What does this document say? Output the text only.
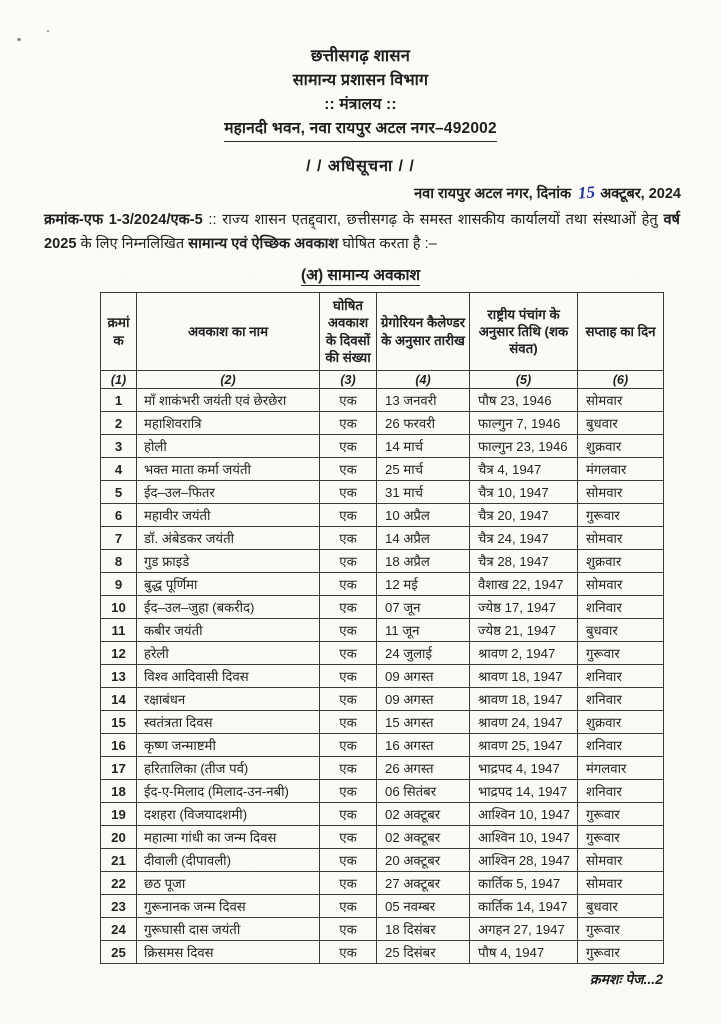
छत्तीसगढ़ शासन
सामान्य प्रशासन विभाग
:: मंत्रालय ::
महानदी भवन, नवा रायपुर अटल नगर–492002
/ / अधिसूचना / /
नवा रायपुर अटल नगर, दिनांक 15 अक्टूबर, 2024
क्रमांक-एफ 1-3/2024/एक-5 :: राज्य शासन एतद्द्वारा, छत्तीसगढ़ के समस्त शासकीय कार्यालयों तथा संस्थाओं हेतु वर्ष 2025 के लिए निम्नलिखित सामान्य एवं ऐच्छिक अवकाश घोषित करता है :–
(अ) सामान्य अवकाश
क्रमांक	अवकाश का नाम	घोषित अवकाश के दिवसों की संख्या	ग्रेगोरियन कैलेण्डर के अनुसार तारीख	राष्ट्रीय पंचांग के अनुसार तिथि (शक संवत)	सप्ताह का दिन
(1)	(2)	(3)	(4)	(5)	(6)
1	माँ शाकंभरी जयंती एवं छेरछेरा	एक	13 जनवरी	पौष 23, 1946	सोमवार
2	महाशिवरात्रि	एक	26 फरवरी	फाल्गुन 7, 1946	बुधवार
3	होली	एक	14 मार्च	फाल्गुन 23, 1946	शुक्रवार
4	भक्त माता कर्मा जयंती	एक	25 मार्च	चैत्र 4, 1947	मंगलवार
5	ईद–उल–फितर	एक	31 मार्च	चैत्र 10, 1947	सोमवार
6	महावीर जयंती	एक	10 अप्रैल	चैत्र 20, 1947	गुरूवार
7	डॉ. अंबेडकर जयंती	एक	14 अप्रैल	चैत्र 24, 1947	सोमवार
8	गुड फ्राइडे	एक	18 अप्रैल	चैत्र 28, 1947	शुक्रवार
9	बुद्ध पूर्णिमा	एक	12 मई	वैशाख 22, 1947	सोमवार
10	ईद–उल–जुहा (बकरीद)	एक	07 जून	ज्येष्ठ 17, 1947	शनिवार
11	कबीर जयंती	एक	11 जून	ज्येष्ठ 21, 1947	बुधवार
12	हरेली	एक	24 जुलाई	श्रावण 2, 1947	गुरूवार
13	विश्व आदिवासी दिवस	एक	09 अगस्त	श्रावण 18, 1947	शनिवार
14	रक्षाबंधन	एक	09 अगस्त	श्रावण 18, 1947	शनिवार
15	स्वतंत्रता दिवस	एक	15 अगस्त	श्रावण 24, 1947	शुक्रवार
16	कृष्ण जन्माष्टमी	एक	16 अगस्त	श्रावण 25, 1947	शनिवार
17	हरितालिका (तीज पर्व)	एक	26 अगस्त	भाद्रपद 4, 1947	मंगलवार
18	ईद-ए-मिलाद (मिलाद-उन-नबी)	एक	06 सितंबर	भाद्रपद 14, 1947	शनिवार
19	दशहरा (विजयादशमी)	एक	02 अक्टूबर	आश्विन 10, 1947	गुरूवार
20	महात्मा गांधी का जन्म दिवस	एक	02 अक्टूबर	आश्विन 10, 1947	गुरूवार
21	दीवाली (दीपावली)	एक	20 अक्टूबर	आश्विन 28, 1947	सोमवार
22	छठ पूजा	एक	27 अक्टूबर	कार्तिक 5, 1947	सोमवार
23	गुरूनानक जन्म दिवस	एक	05 नवम्बर	कार्तिक 14, 1947	बुधवार
24	गुरूघासी दास जयंती	एक	18 दिसंबर	अगहन 27, 1947	गुरूवार
25	क्रिसमस दिवस	एक	25 दिसंबर	पौष 4, 1947	गुरूवार
क्रमशः पेज...2
